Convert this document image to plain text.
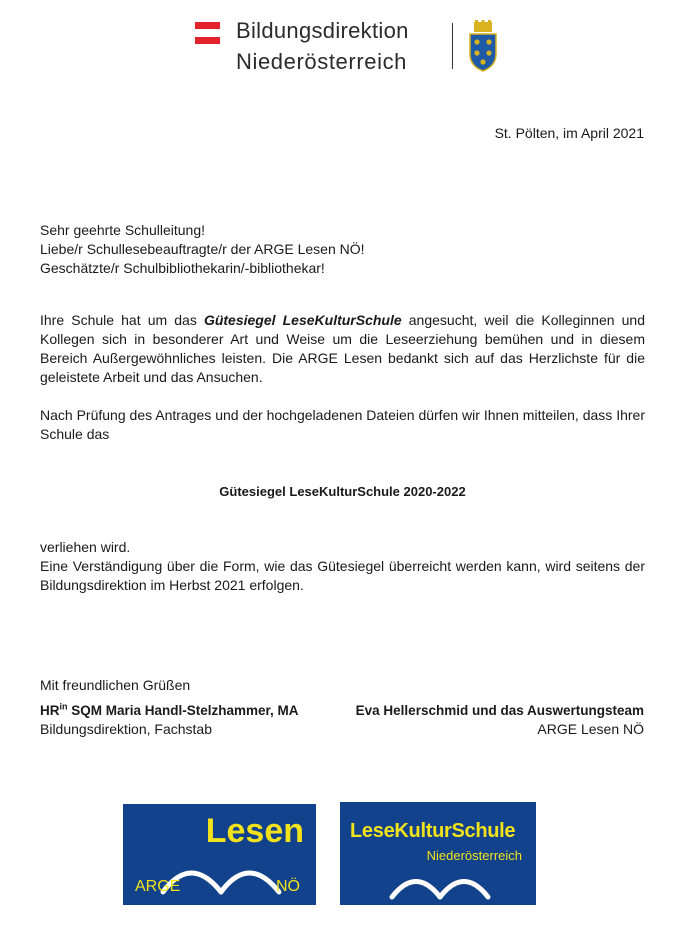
Bildungsdirektion
Niederösterreich
St. Pölten, im April 2021
Sehr geehrte Schulleitung!
Liebe/r Schullesebeauftragte/r der ARGE Lesen NÖ!
Geschätzte/r Schulbibliothekarin/-bibliothekar!

Ihre Schule hat um das Gütesiegel LeseKulturSchule angesucht, weil die Kolleginnen und Kollegen sich in besonderer Art und Weise um die Leseerziehung bemühen und in diesem Bereich Außergewöhnliches leisten. Die ARGE Lesen bedankt sich auf das Herzlichste für die geleistete Arbeit und das Ansuchen.

Nach Prüfung des Antrages und der hochgeladenen Dateien dürfen wir Ihnen mitteilen, dass Ihrer Schule das

Gütesiegel LeseKulturSchule 2020-2022

verliehen wird.

Eine Verständigung über die Form, wie das Gütesiegel überreicht werden kann, wird seitens der Bildungsdirektion im Herbst 2021 erfolgen.

Mit freundlichen Grüßen
$HR^{in}$ SQM Maria Handl-Stelzhammer, MA
Bildungsdirektion, Fachstab
Eva Hellerschmid und das Auswertungsteam
ARGE Lesen NÖ
Lesen
ARGE	NÖ
LeseKulturSchule
Niederösterreich
